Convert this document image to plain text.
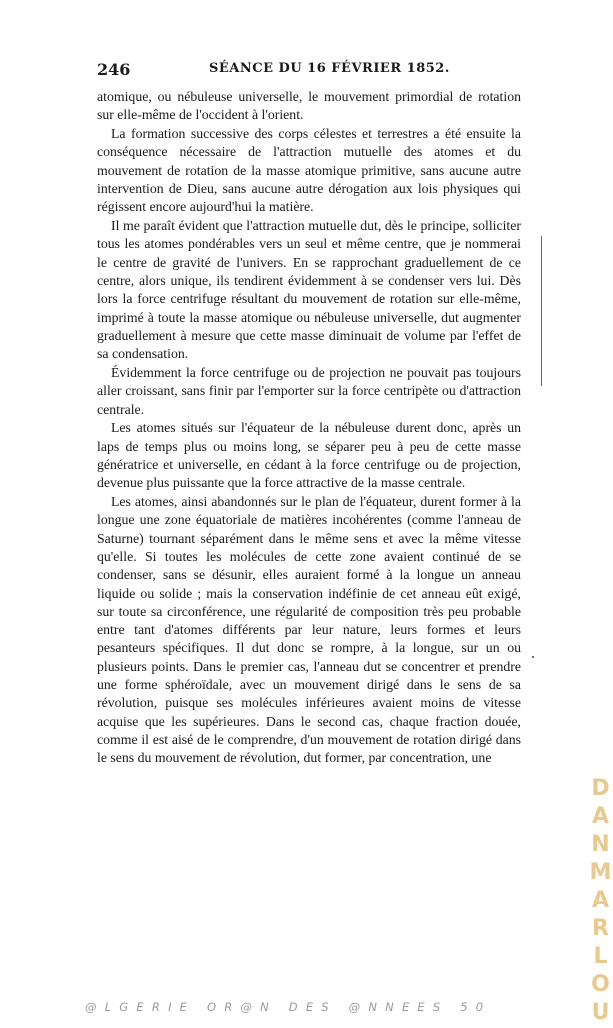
246	SÉANCE DU 16 FÉVRIER 1852.

atomique, ou nébuleuse universelle, le mouvement primordial de rotation sur elle-même de l'occident à l'orient.

La formation successive des corps célestes et terrestres a été ensuite la conséquence nécessaire de l'attraction mutuelle des atomes et du mouvement de rotation de la masse atomique primitive, sans aucune autre intervention de Dieu, sans aucune autre dérogation aux lois physiques qui régissent encore aujourd'hui la matière.

Il me paraît évident que l'attraction mutuelle dut, dès le principe, solliciter tous les atomes pondérables vers un seul et même centre, que je nommerai le centre de gravité de l'univers. En se rapprochant graduellement de ce centre, alors unique, ils tendirent évidemment à se condenser vers lui. Dès lors la force centrifuge résultant du mouvement de rotation sur elle-même, imprimé à toute la masse atomique ou nébuleuse universelle, dut augmenter graduellement à mesure que cette masse diminuait de volume par l'effet de sa condensation.

Évidemment la force centrifuge ou de projection ne pouvait pas toujours aller croissant, sans finir par l'emporter sur la force centripète ou d'attraction centrale.

Les atomes situés sur l'équateur de la nébuleuse durent donc, après un laps de temps plus ou moins long, se séparer peu à peu de cette masse génératrice et universelle, en cédant à la force centrifuge ou de projection, devenue plus puissante que la force attractive de la masse centrale.

Les atomes, ainsi abandonnés sur le plan de l'équateur, durent former à la longue une zone équatoriale de matières incohérentes (comme l'anneau de Saturne) tournant séparément dans le même sens et avec la même vitesse qu'elle. Si toutes les molécules de cette zone avaient continué de se condenser, sans se désunir, elles auraient formé à la longue un anneau liquide ou solide ; mais la conservation indéfinie de cet anneau eût exigé, sur toute sa circonférence, une régularité de composition très peu probable entre tant d'atomes différents par leur nature, leurs formes et leurs pesanteurs spécifiques. Il dut donc se rompre, à la longue, sur un ou plusieurs points. Dans le premier cas, l'anneau dut se concentrer et prendre une forme sphéroïdale, avec un mouvement dirigé dans le sens de sa révolution, puisque ses molécules inférieures avaient moins de vitesse acquise que les supérieures. Dans le second cas, chaque fraction douée, comme il est aisé de le comprendre, d'un mouvement de rotation dirigé dans le sens du mouvement de révolution, dut former, par concentration, une

DANMARLOU
@LGERIE OR@N DES @NNEES 50
